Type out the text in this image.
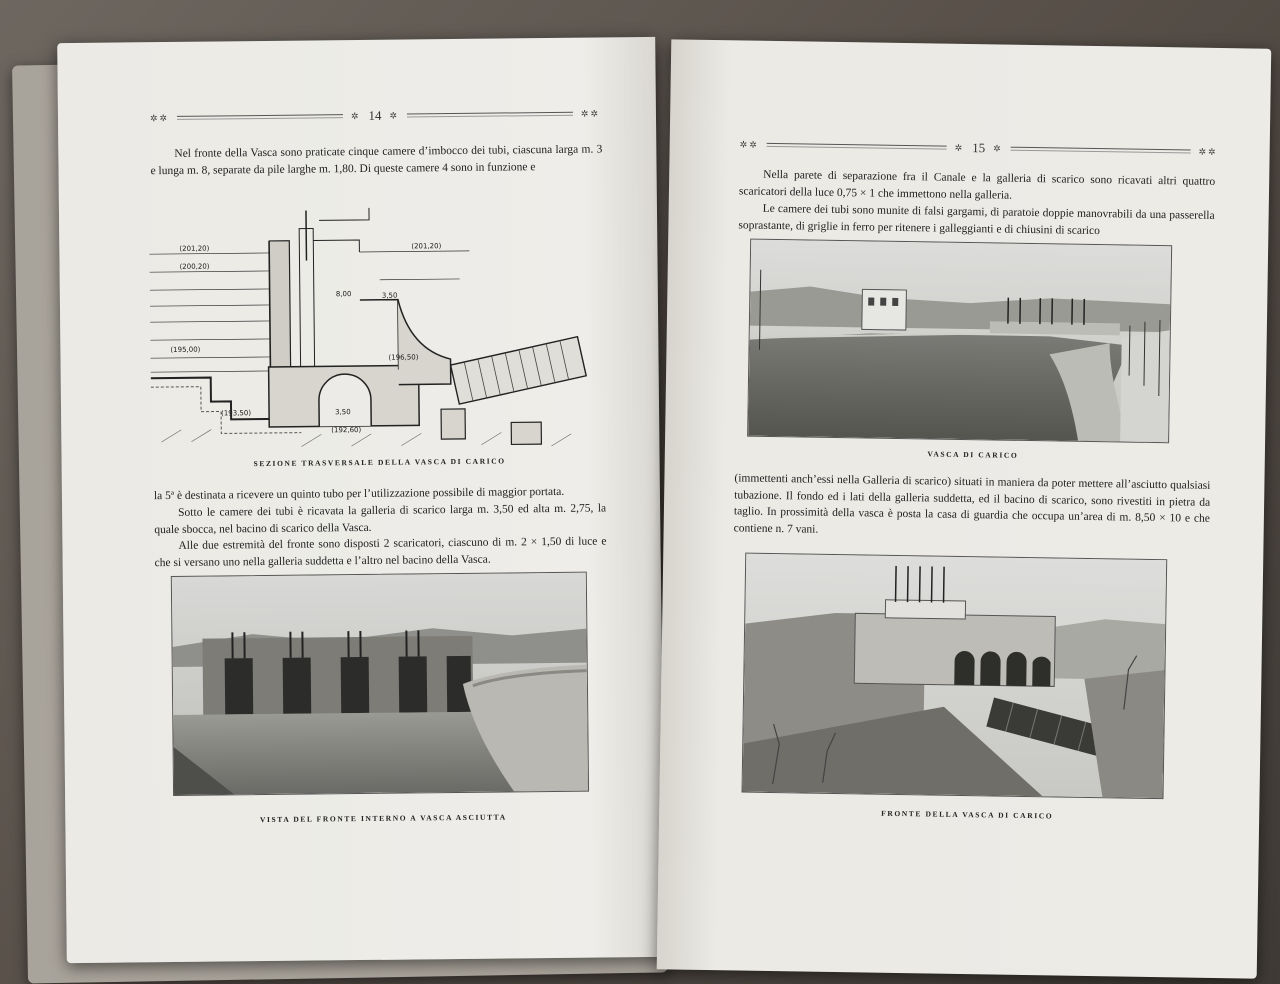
✲✲	✲ 14 ✲	✲✲

Nel fronte della Vasca sono praticate cinque camere d’imbocco dei tubi, ciascuna larga m. 3 e lunga m. 8, separate da pile larghe m. 1,80. Di queste camere 4 sono in funzione e

(201,20)
(200,20)
(201,20)
8,00	3,50
(196,50)
(195,00)
(193,50)	3,50
(192,60)

SEZIONE TRASVERSALE DELLA VASCA DI CARICO

la 5ª è destinata a ricevere un quinto tubo per l’utilizzazione possibile di maggior portata.

Sotto le camere dei tubi è ricavata la galleria di scarico larga m. 3,50 ed alta m. 2,75, la quale sbocca, nel bacino di scarico della Vasca.

Alle due estremità del fronte sono disposti 2 scaricatori, ciascuno di m. 2 × 1,50 di luce e che si versano uno nella galleria suddetta e l’altro nel bacino della Vasca.

VISTA DEL FRONTE INTERNO A VASCA ASCIUTTA

✲✲	✲ 15 ✲	✲✲

Nella parete di separazione fra il Canale e la galleria di scarico sono ricavati altri quattro scaricatori della luce 0,75 × 1 che immettono nella galleria.

Le camere dei tubi sono munite di falsi gargami, di paratoie doppie manovrabili da una passerella soprastante, di griglie in ferro per ritenere i galleggianti e di chiusini di scarico

VASCA DI CARICO

(immettenti anch’essi nella Galleria di scarico) situati in maniera da poter mettere all’asciutto qualsiasi tubazione. Il fondo ed i lati della galleria suddetta, ed il bacino di scarico, sono rivestiti in pietra da taglio. In prossimità della vasca è posta la casa di guardia che occupa un’area di m. 8,50 × 10 e che contiene n. 7 vani.

FRONTE DELLA VASCA DI CARICO
